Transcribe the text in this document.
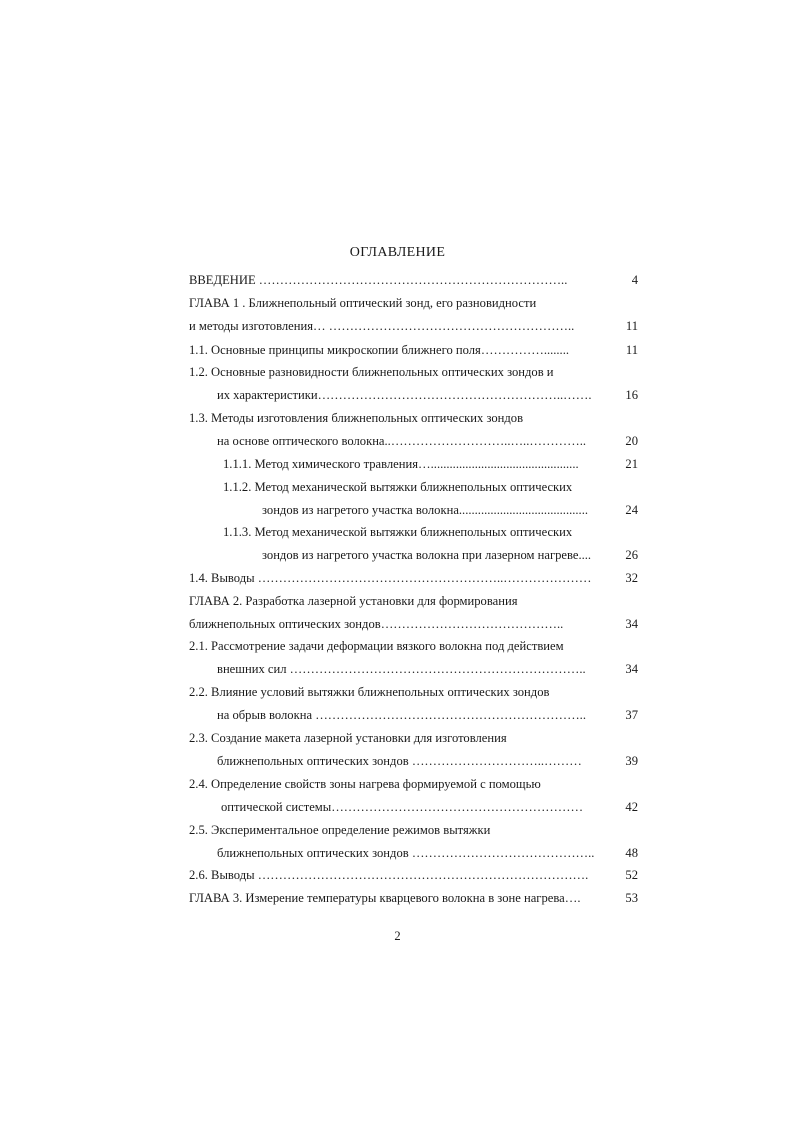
ОГЛАВЛЕНИЕ
ВВЕДЕНИЕ ………………………………………………………………..	4
ГЛАВА 1 . Ближнепольный оптический зонд, его разновидности
и методы изготовления… …………………………………………………..	11
1.1. Основные принципы микроскопии ближнего поля……………........	11
1.2. Основные разновидности ближнепольных оптических зондов и
их характеристики…………………………………………………..…….	16
1.3. Методы изготовления ближнепольных оптических зондов
на основе оптического волокна..………………………..…..…………..	20
1.1.1. Метод химического травления…...............................................	21
1.1.2. Метод механической вытяжки ближнепольных оптических
зондов из нагретого участка волокна.........................................	24
1.1.3. Метод механической вытяжки ближнепольных оптических
зондов из нагретого участка волокна при лазерном нагреве....	26
1.4. Выводы …………………………………………………..…………………	32
ГЛАВА 2. Разработка лазерной установки для формирования
ближнепольных оптических зондов……………………………………..	34
2.1. Рассмотрение задачи деформации вязкого волокна под действием
внешних сил ……………………………………………………………..	34
2.2. Влияние условий вытяжки ближнепольных оптических зондов
на обрыв волокна ………………………………………………………..	37
2.3. Создание макета лазерной установки для изготовления
ближнепольных оптических зондов …………………………..………	39
2.4. Определение свойств зоны нагрева формируемой с помощью
оптической системы……………………………………………………	42
2.5. Экспериментальное определение режимов вытяжки
ближнепольных оптических зондов ……………………………………..	48
2.6. Выводы …………………………………………………………………….	52
ГЛАВА 3. Измерение температуры кварцевого волокна в зоне нагрева….	53
2
